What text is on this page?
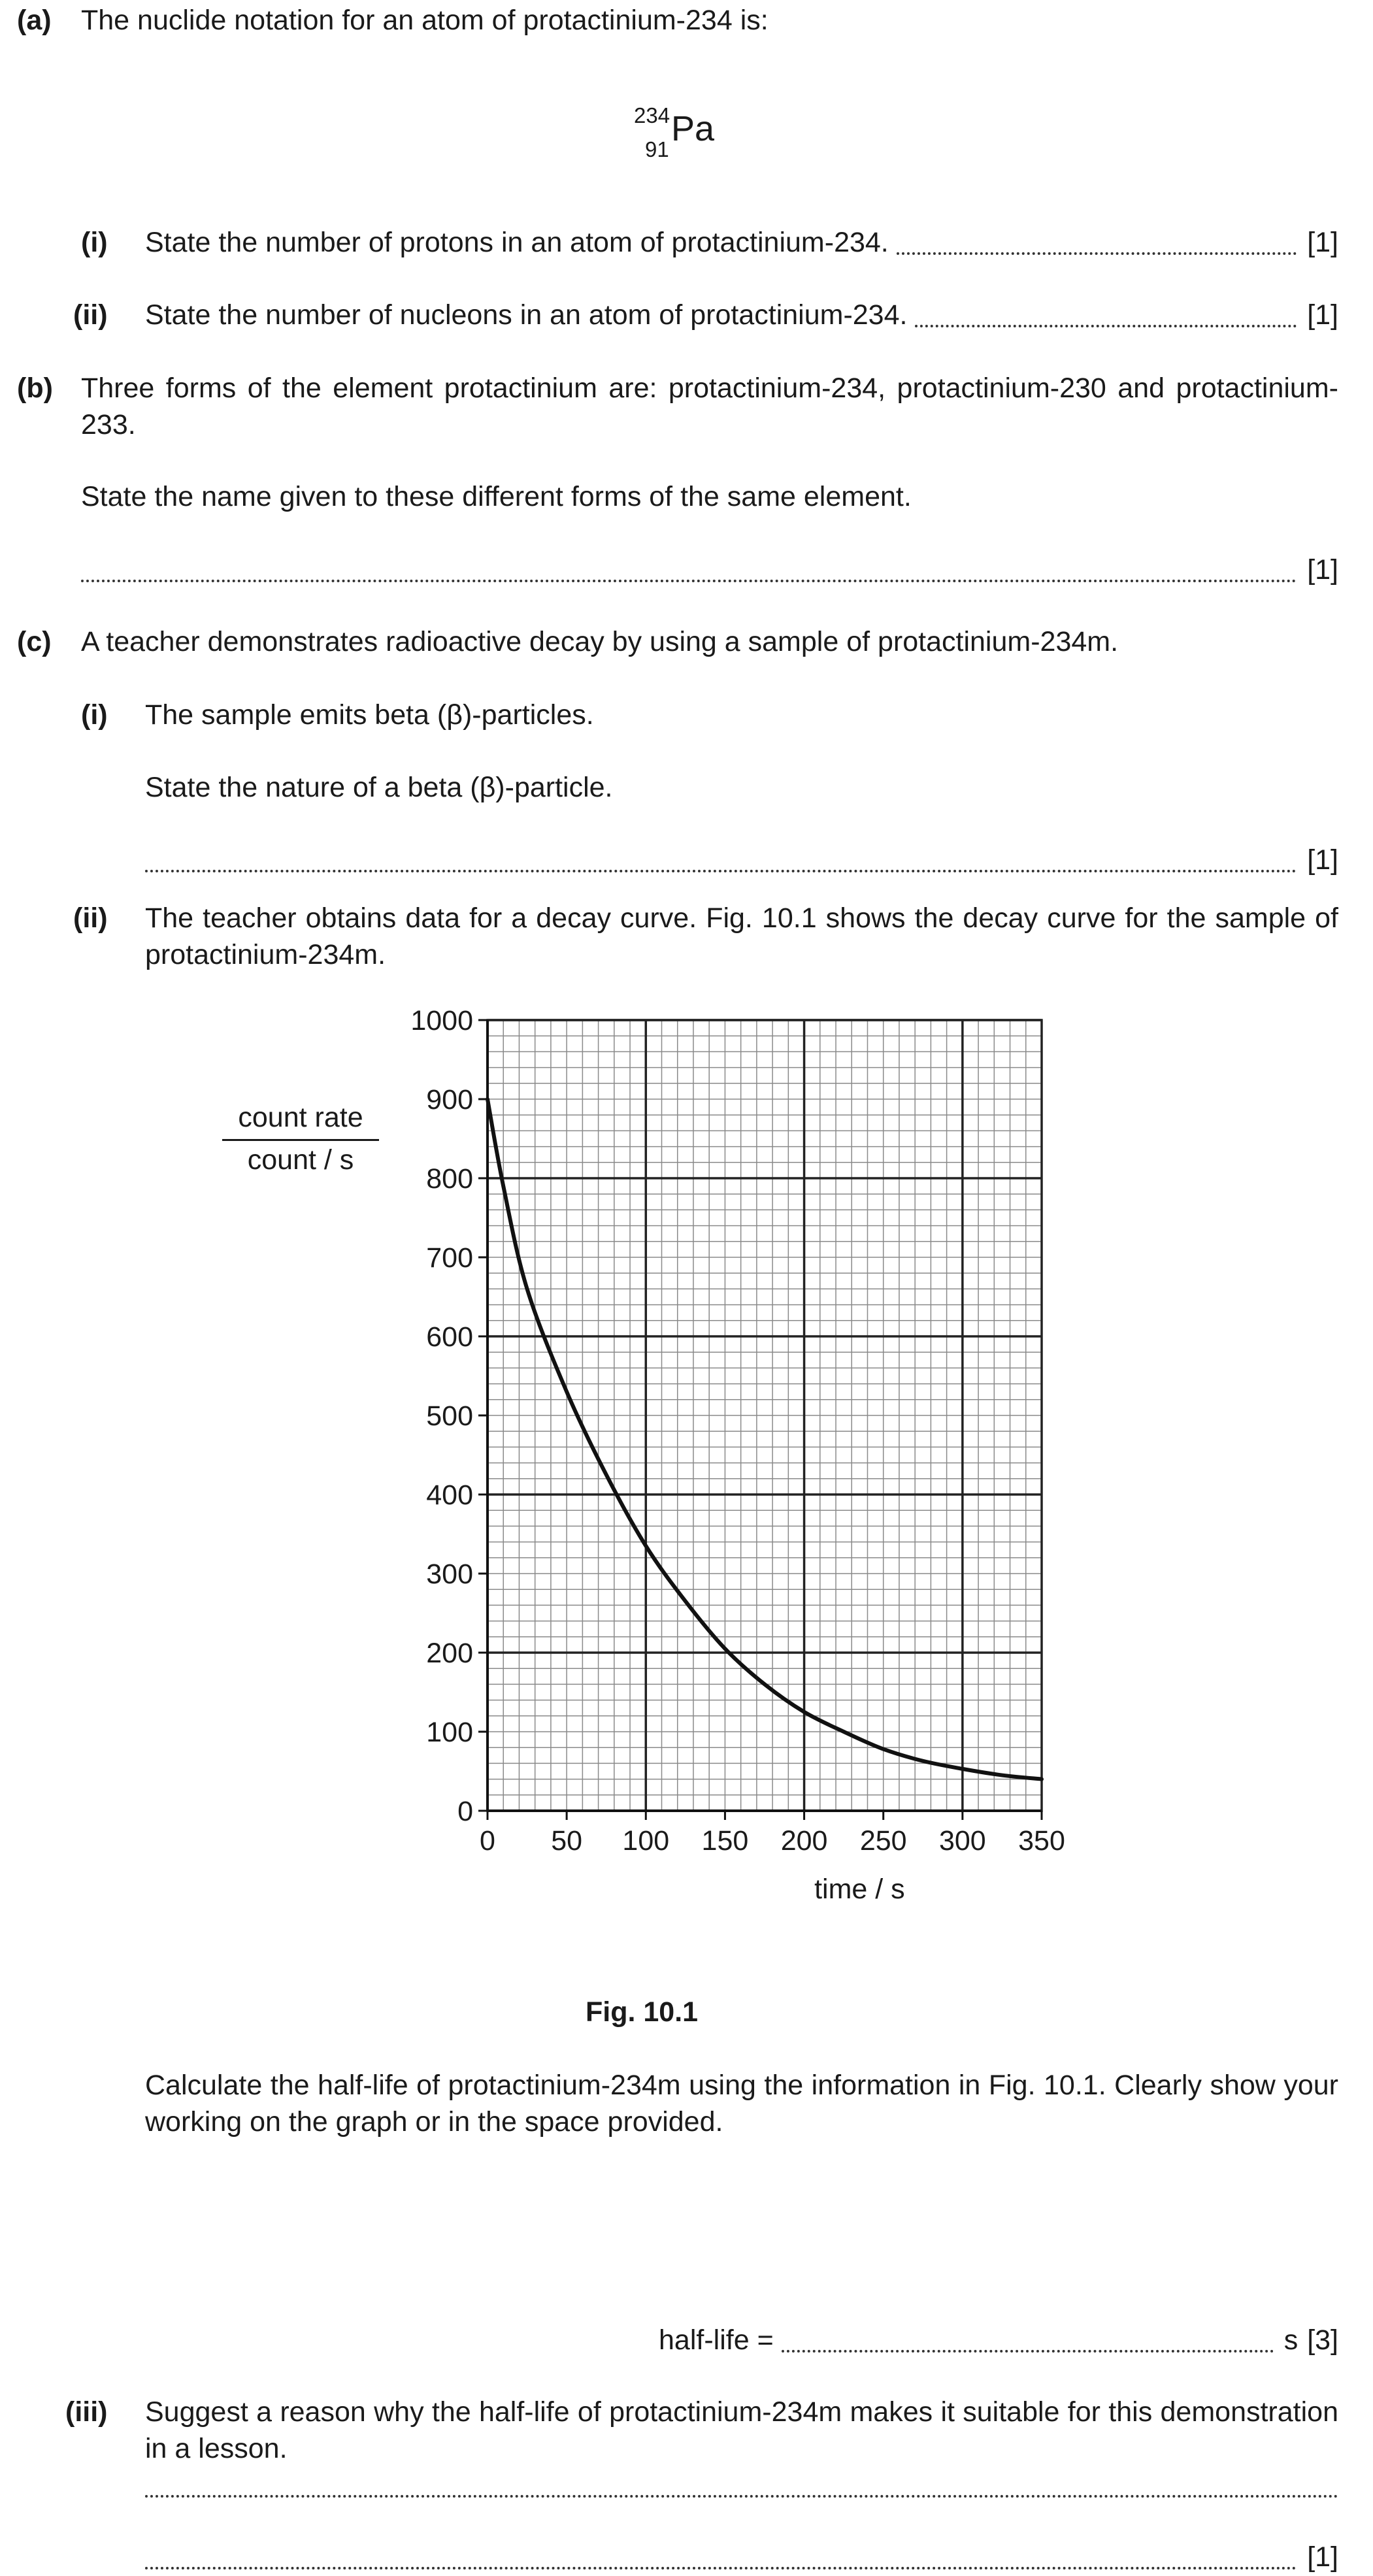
(a) The nuclide notation for an atom of protactinium-234 is:
234
91
Pa
(i) State the number of protons in an atom of protactinium-234.	[1]
(ii) State the number of nucleons in an atom of protactinium-234.	[1]
(b) Three forms of the element protactinium are: protactinium-234, protactinium-230 and protactinium-233.
State the name given to these different forms of the same element.
[1]
(c) A teacher demonstrates radioactive decay by using a sample of protactinium-234m.
(i) The sample emits beta (β)-particles.
State the nature of a beta (β)-particle.
[1]
(ii) The teacher obtains data for a decay curve. Fig. 10.1 shows the decay curve for the sample of protactinium-234m.
count rate
count / s
0 50 100 150 200 250 300 350
0
100
200
300
400
500
600
700
800
900
1000
time / s
Fig. 10.1
Calculate the half-life of protactinium-234m using the information in Fig. 10.1. Clearly show your working on the graph or in the space provided.
half-life =	s [3]
(iii) Suggest a reason why the half-life of protactinium-234m makes it suitable for this demonstration in a lesson.
[1]
